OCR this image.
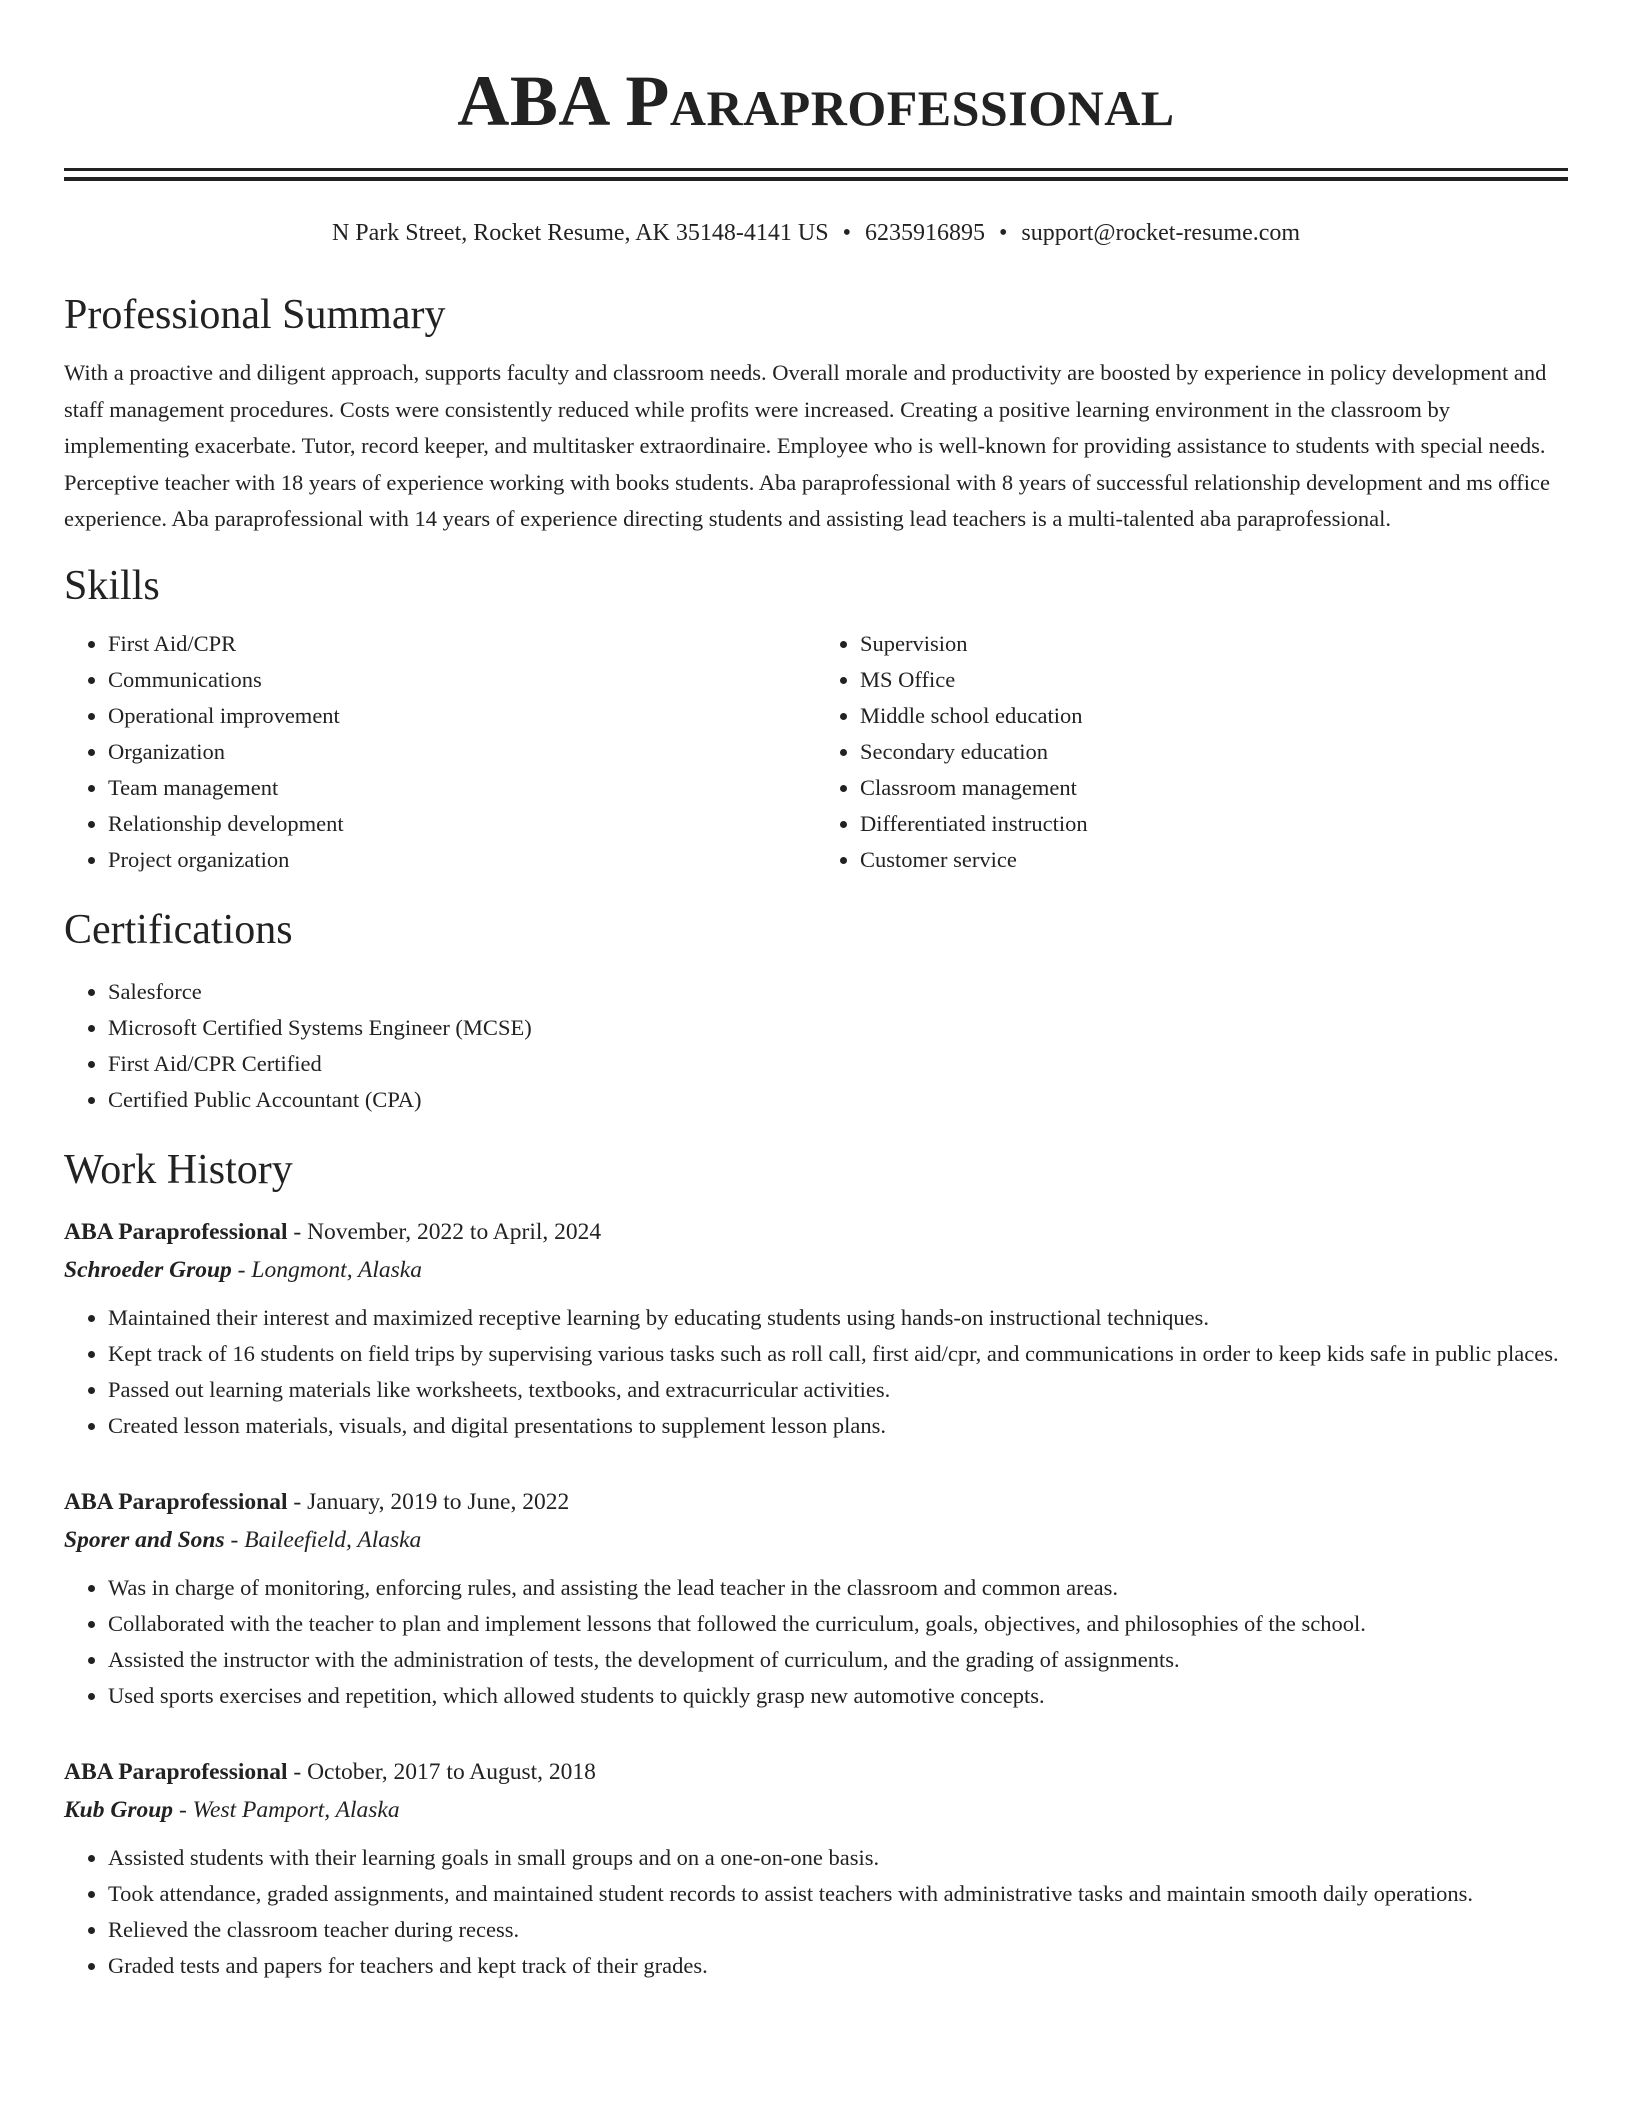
ABA Paraprofessional
N Park Street, Rocket Resume, AK 35148-4141 US • 6235916895 • support@rocket-resume.com
Professional Summary

With a proactive and diligent approach, supports faculty and classroom needs. Overall morale and productivity are boosted by experience in policy development and staff management procedures. Costs were consistently reduced while profits were increased. Creating a positive learning environment in the classroom by implementing exacerbate. Tutor, record keeper, and multitasker extraordinaire. Employee who is well-known for providing assistance to students with special needs. Perceptive teacher with 18 years of experience working with books students. Aba paraprofessional with 8 years of successful relationship development and ms office experience. Aba paraprofessional with 14 years of experience directing students and assisting lead teachers is a multi-talented aba paraprofessional.

Skills
• First Aid/CPR
• Communications
• Operational improvement
• Organization
• Team management
• Relationship development
• Project organization
• Supervision
• MS Office
• Middle school education
• Secondary education
• Classroom management
• Differentiated instruction
• Customer service
Certifications
• Salesforce
• Microsoft Certified Systems Engineer (MCSE)
• First Aid/CPR Certified
• Certified Public Accountant (CPA)
Work History
ABA Paraprofessional - November, 2022 to April, 2024
Schroeder Group - Longmont, Alaska
• Maintained their interest and maximized receptive learning by educating students using hands-on instructional techniques.
• Kept track of 16 students on field trips by supervising various tasks such as roll call, first aid/cpr, and communications in order to keep kids safe in public places.
• Passed out learning materials like worksheets, textbooks, and extracurricular activities.
• Created lesson materials, visuals, and digital presentations to supplement lesson plans.
ABA Paraprofessional - January, 2019 to June, 2022
Sporer and Sons - Baileefield, Alaska
• Was in charge of monitoring, enforcing rules, and assisting the lead teacher in the classroom and common areas.
• Collaborated with the teacher to plan and implement lessons that followed the curriculum, goals, objectives, and philosophies of the school.
• Assisted the instructor with the administration of tests, the development of curriculum, and the grading of assignments.
• Used sports exercises and repetition, which allowed students to quickly grasp new automotive concepts.
ABA Paraprofessional - October, 2017 to August, 2018
Kub Group - West Pamport, Alaska
• Assisted students with their learning goals in small groups and on a one-on-one basis.
• Took attendance, graded assignments, and maintained student records to assist teachers with administrative tasks and maintain smooth daily operations.
• Relieved the classroom teacher during recess.
• Graded tests and papers for teachers and kept track of their grades.
